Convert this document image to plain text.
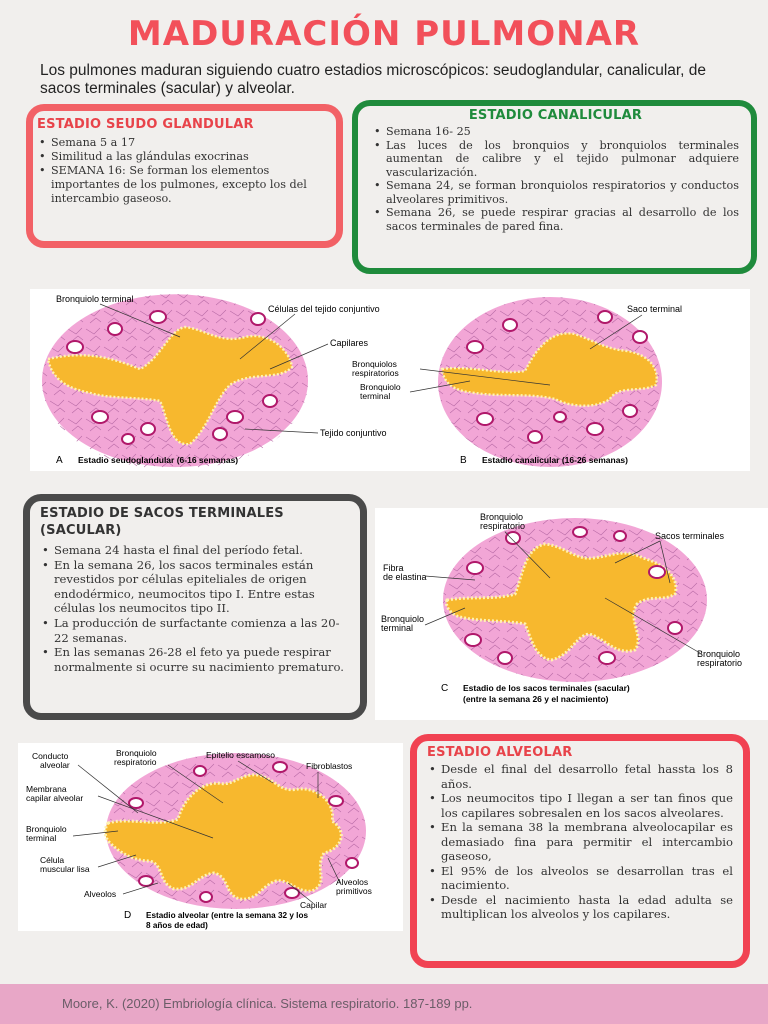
MADURACIÓN PULMONAR
Los pulmones maduran siguiendo cuatro estadios microscópicos: seudoglandular, canalicular, de sacos terminales (sacular) y alveolar.
ESTADIO SEUDO GLANDULAR
• Semana 5 a 17
• Similitud a las glándulas exocrinas
• SEMANA 16: Se forman los elementos importantes de los pulmones, excepto los del intercambio gaseoso.
ESTADIO CANALICULAR
• Semana 16- 25
• Las luces de los bronquios y bronquiolos terminales aumentan de calibre y el tejido pulmonar adquiere vascularización.
• Semana 24, se forman bronquiolos respiratorios y conductos alveolares primitivos.
• Semana 26, se puede respirar gracias al desarrollo de los sacos terminales de pared fina.
Bronquiolo terminal
Células del tejido conjuntivo
Capilares
Tejido conjuntivo
A Estadio seudoglandular (6-16 semanas)
Saco terminal
Bronquiolos
respiratorios
Bronquiolo
terminal
B Estadio canalicular (16-26 semanas)
ESTADIO DE SACOS TERMINALES (SACULAR)
• Semana 24 hasta el final del período fetal.
• En la semana 26, los sacos terminales están revestidos por células epiteliales de origen endodérmico, neumocitos tipo I. Entre estas células los neumocitos tipo II.
• La producción de surfactante comienza a las 20-22 semanas.
• En las semanas 26-28 el feto ya puede respirar normalmente si ocurre su nacimiento prematuro.
Bronquiolo
respiratorio
Sacos terminales
Fibra
de elastina
Bronquiolo
terminal
Bronquiolo
respiratorio
C Estadio de los sacos terminales (sacular)
(entre la semana 26 y el nacimiento)
Conducto
alveolar
Bronquiolo
respiratorio
Epitelio escamoso
Fibroblastos
Membrana
capilar alveolar
Bronquiolo
terminal
Célula
muscular lisa
Alveolos
Capilar
Alveolos
primitivos
D Estadio alveolar (entre la semana 32 y los
8 años de edad)
ESTADIO ALVEOLAR
• Desde el final del desarrollo fetal hassta los 8 años.
• Los neumocitos tipo I llegan a ser tan finos que los capilares sobresalen en los sacos alveolares.
• En la semana 38 la membrana alveolocapilar es demasiado fina para permitir el intercambio gaseoso,
• El 95% de los alveolos se desarrollan tras el nacimiento.
• Desde el nacimiento hasta la edad adulta se multiplican los alveolos y los capilares.
Moore, K. (2020) Embriología clínica. Sistema respiratorio. 187-189 pp.
